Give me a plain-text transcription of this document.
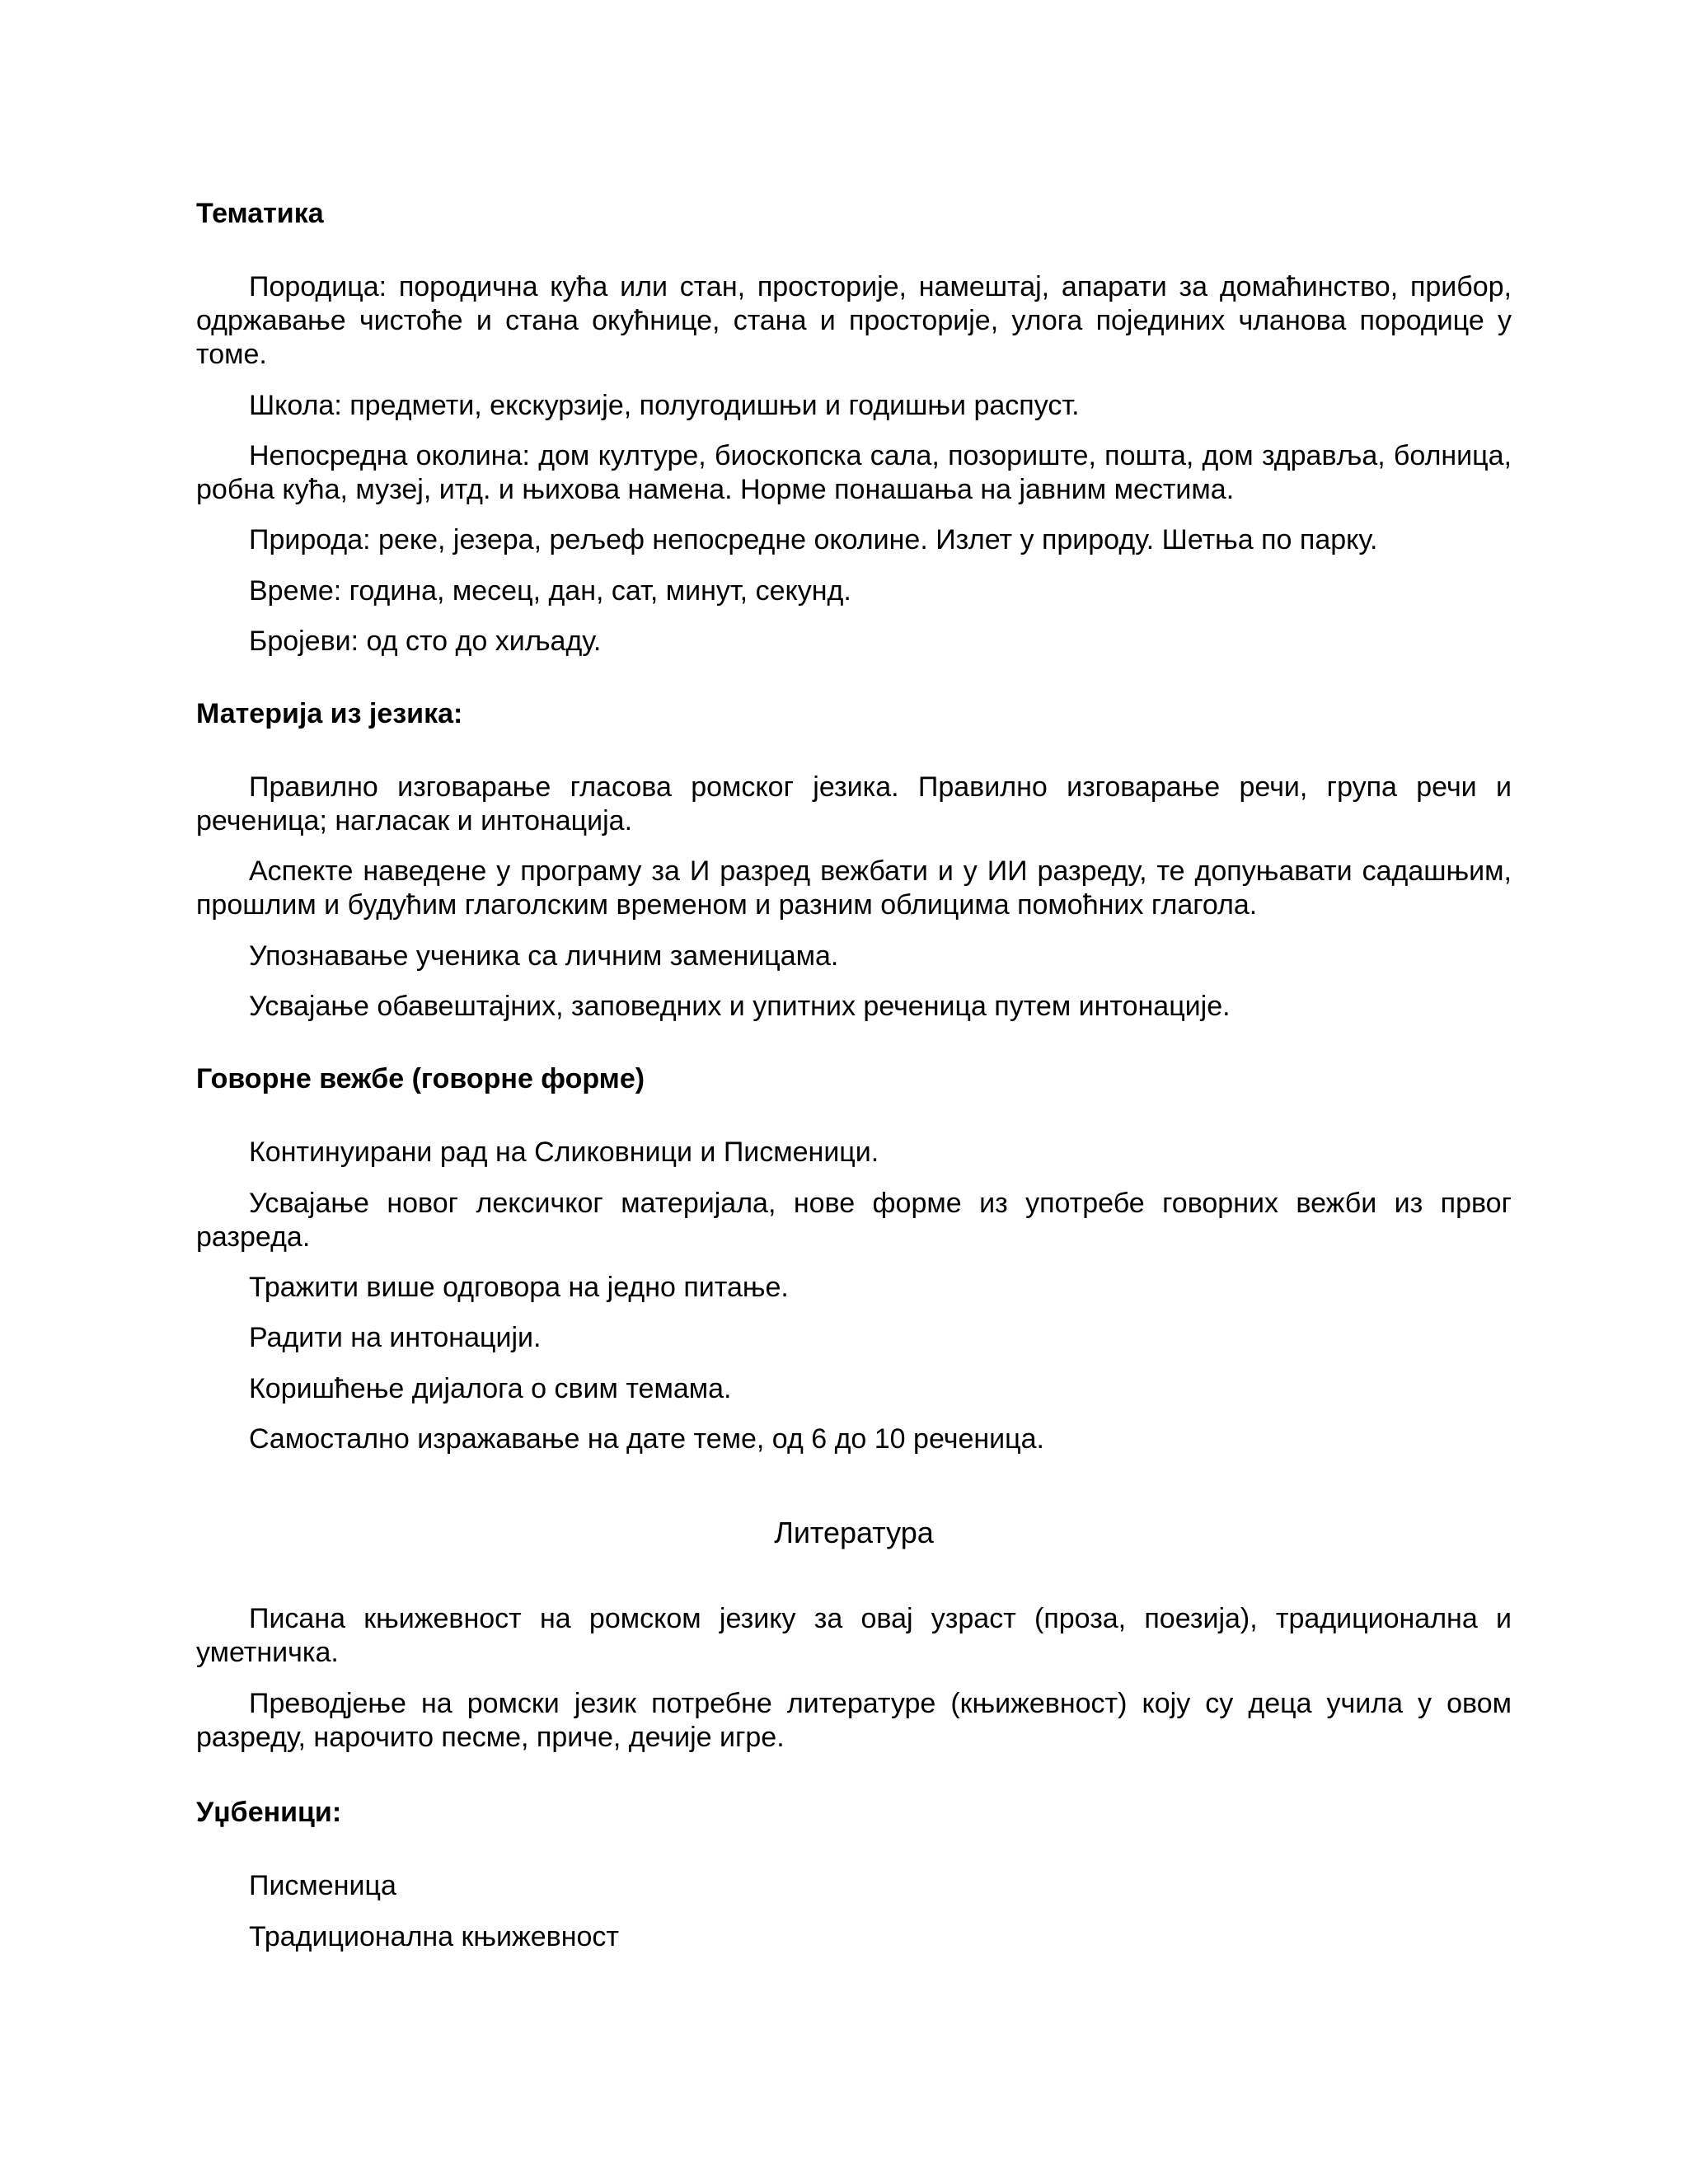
Тематика
Породица: породична кућа или стан, просторије, намештај, апарати за домаћинство, прибор, одржавање чистоће и стана окућнице, стана и просторије, улога појединих чланова породице у томе.
Школа: предмети, екскурзије, полугодишњи и годишњи распуст.
Непосредна околина: дом културе, биоскопска сала, позориште, пошта, дом здравља, болница, робна кућа, музеј, итд. и њихова намена. Норме понашања на јавним местима.
Природа: реке, језера, рељеф непосредне околине. Излет у природу. Шетња по парку.
Време: година, месец, дан, сат, минут, секунд.
Бројеви: од сто до хиљаду.
Материја из језика:
Правилно изговарање гласова ромског језика. Правилно изговарање речи, група речи и реченица; нагласак и интонација.
Аспекте наведене у програму за И разред вежбати и у ИИ разреду, те допуњавати садашњим, прошлим и будућим глаголским временом и разним облицима помоћних глагола.
Упознавање ученика са личним заменицама.
Усвајање обавештајних, заповедних и упитних реченица путем интонације.
Говорне вежбе (говорне форме)
Континуирани рад на Сликовници и Писменици.
Усвајање новог лексичког материјала, нове форме из употребе говорних вежби из првог разреда.
Тражити више одговора на једно питање.
Радити на интонацији.
Коришћење дијалога о свим темама.
Самостално изражавање на дате теме, од 6 до 10 реченица.
Литература
Писана књижевност на ромском језику за овај узраст (проза, поезија), традиционална и уметничка.
Преводјење на ромски језик потребне литературе (књижевност) коју су деца учила у овом разреду, нарочито песме, приче, дечије игре.
Уџбеници:
Писменица
Традиционална књижевност
